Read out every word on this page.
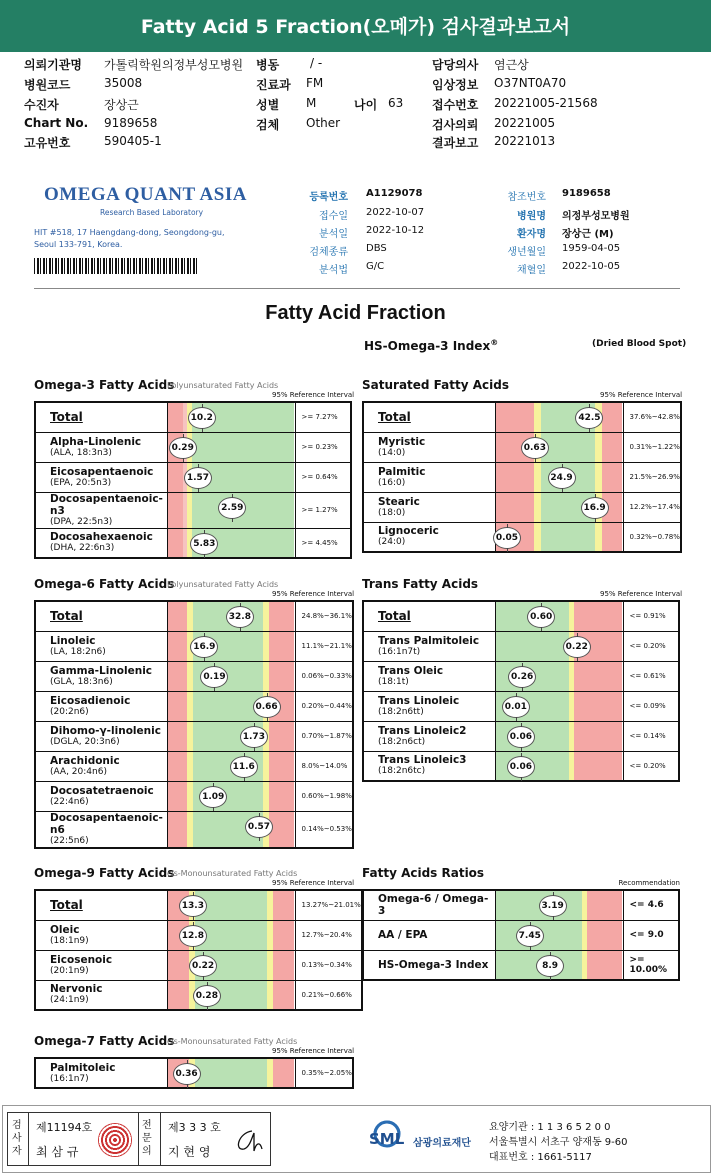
Fatty Acid 5 Fraction(오메가) 검사결과보고서
의뢰기관명 가톨릭학원의정부성모병원 병동	/ -	담당의사 염근상
병원코드	35008	진료과 FM	임상정보 O37NT0A70
수진자	장상근	성별 M	나이 63 접수번호 20221005-21568
Chart No. 9189658	검체 Other	검사의뢰 20221005
고유번호	590405-1	결과보고 20221013
OMEGA QUANT ASIA
Research Based Laboratory
HIT #518, 17 Haengdang-dong, Seongdong-gu,
Seoul 133-791, Korea.
등록번호 A1129078
접수일 2022-10-07
분석일 2022-10-12
검체종류 DBS
분석법 G/C
참조번호 9189658
병원명 의정부성모병원
환자명 장상근 (M)
생년월일 1959-04-05
채혈일 2022-10-05
Fatty Acid Fraction
HS-Omega-3 Index®	(Dried Blood Spot)
Omega-3 Fatty Acids
Polyunsaturated Fatty Acids
95% Reference Interval
Total	10.2	>= 7.27%

Alpha-Linolenic
(ALA, 18:3n3)	0.29	>= 0.23%

Eicosapentaenoic
(EPA, 20:5n3)	1.57	>= 0.64%

Docosapentaenoic-n3
(DPA, 22:5n3)	2.59	>= 1.27%

Docosahexaenoic
(DHA, 22:6n3)	5.83	>= 4.45%
Saturated Fatty Acids
95% Reference Interval
Total	42.5	37.6%~42.8%

Myristic
(14:0)	0.63	0.31%~1.22%

Palmitic
(16:0)	24.9	21.5%~26.9%

Stearic
(18:0)	16.9	12.2%~17.4%

Lignoceric
(24:0)	0.05	0.32%~0.78%
Omega-6 Fatty Acids
Polyunsaturated Fatty Acids
95% Reference Interval
Total	32.8	24.8%~36.1%

Linoleic
(LA, 18:2n6)	16.9	11.1%~21.1%

Gamma-Linolenic
(GLA, 18:3n6)	0.19	0.06%~0.33%

Eicosadienoic
(20:2n6)	0.66	0.20%~0.44%

Dihomo-γ-linolenic
(DGLA, 20:3n6)	1.73	0.70%~1.87%

Arachidonic
(AA, 20:4n6)	11.6	8.0%~14.0%

Docosatetraenoic
(22:4n6)	1.09	0.60%~1.98%

Docosapentaenoic-n6
(22:5n6)	0.57	0.14%~0.53%
Trans Fatty Acids
95% Reference Interval
Total	0.60	<= 0.91%

Trans Palmitoleic
(16:1n7t)	0.22	<= 0.20%

Trans Oleic
(18:1t)	0.26	<= 0.61%

Trans Linoleic
(18:2n6tt)	0.01	<= 0.09%

Trans Linoleic2
(18:2n6ct)	0.06	<= 0.14%

Trans Linoleic3
(18:2n6tc)	0.06	<= 0.20%
Omega-9 Fatty Acids
cis-Monounsaturated Fatty Acids
95% Reference Interval
Total	13.3	13.27%~21.01%

Oleic
(18:1n9)	12.8	12.7%~20.4%

Eicosenoic
(20:1n9)	0.22	0.13%~0.34%

Nervonic
(24:1n9)	0.28	0.21%~0.66%
Fatty Acids Ratios
Recommendation
Omega-6 / Omega-3	3.19	<= 4.6

AA / EPA	7.45	<= 9.0

HS-Omega-3 Index	8.9	>= 10.00%
Omega-7 Fatty Acids
cis-Monounsaturated Fatty Acids
95% Reference Interval
Palmitoleic
(16:1n7)	0.36	0.35%~2.05%
검사자
제11194호
최 삼 규
전문의
제3 3 3 호
지 현 영
SML 삼광의료재단
요양기관 : 1 1 3 6 5 2 0 0
서울특별시 서초구 양재동 9-60
대표번호 : 1661-5117
